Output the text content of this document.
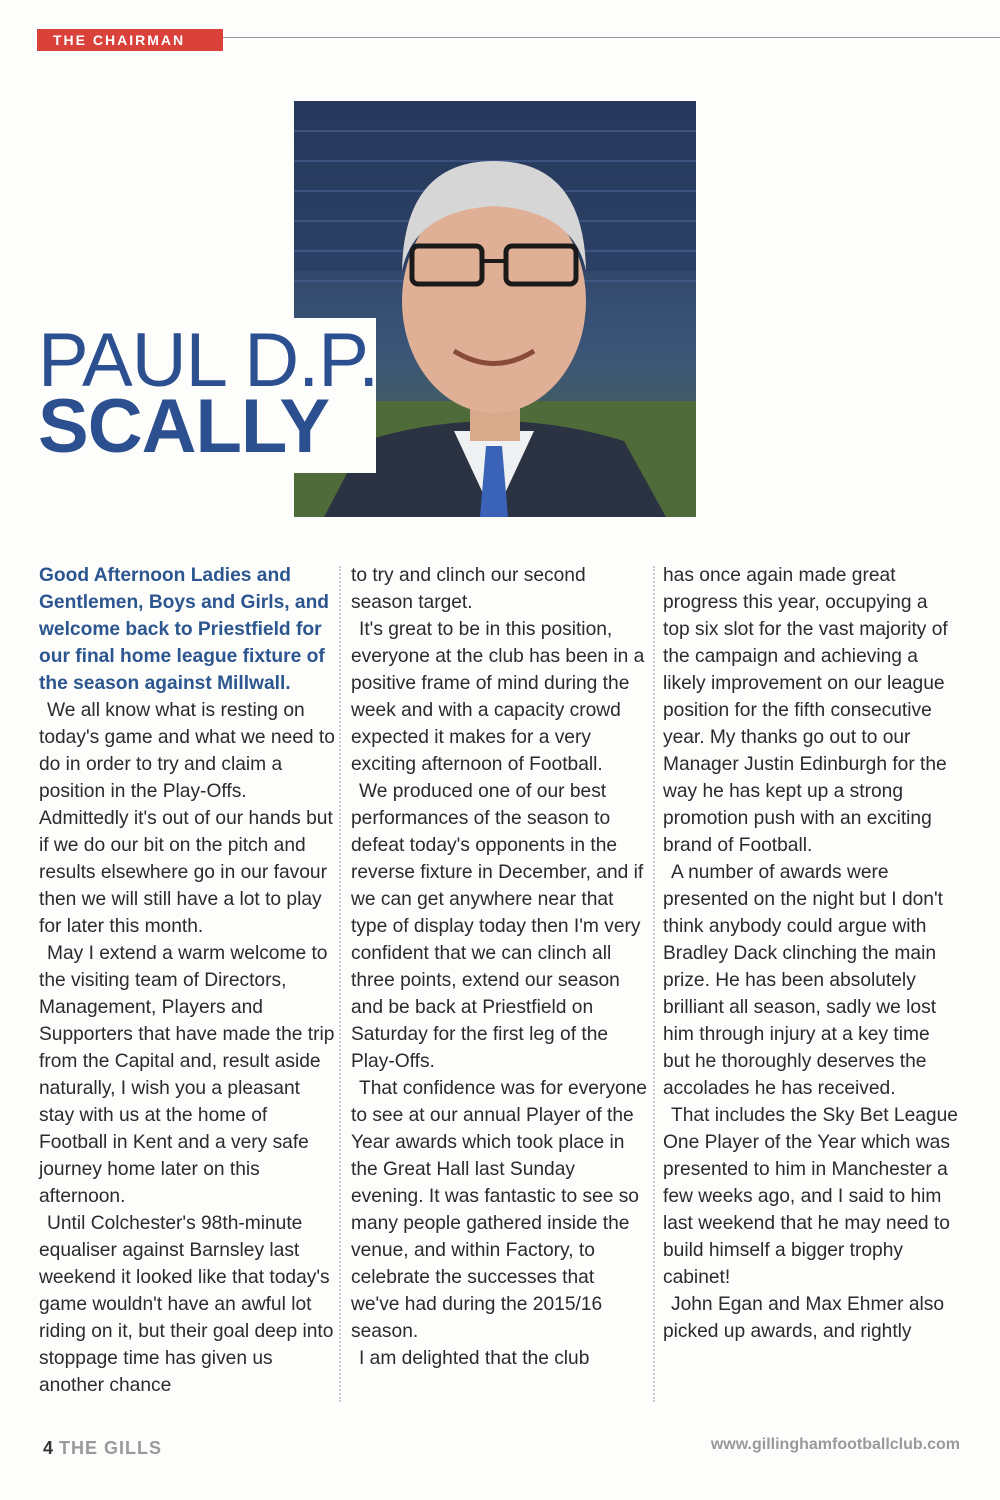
THE CHAIRMAN
PAUL D.P.
SCALLY

Good Afternoon Ladies and Gentlemen, Boys and Girls, and welcome back to Priestfield for our final home league fixture of the season against Millwall.

We all know what is resting on today's game and what we need to do in order to try and claim a position in the Play-Offs. Admittedly it's out of our hands but if we do our bit on the pitch and results elsewhere go in our favour then we will still have a lot to play for later this month.

May I extend a warm welcome to the visiting team of Directors, Management, Players and Supporters that have made the trip from the Capital and, result aside naturally, I wish you a pleasant stay with us at the home of Football in Kent and a very safe journey home later on this afternoon.

Until Colchester's 98th-minute equaliser against Barnsley last weekend it looked like that today's game wouldn't have an awful lot riding on it, but their goal deep into stoppage time has given us another chance

to try and clinch our second season target.

It's great to be in this position, everyone at the club has been in a positive frame of mind during the week and with a capacity crowd expected it makes for a very exciting afternoon of Football.

We produced one of our best performances of the season to defeat today's opponents in the reverse fixture in December, and if we can get anywhere near that type of display today then I'm very confident that we can clinch all three points, extend our season and be back at Priestfield on Saturday for the first leg of the Play-Offs.

That confidence was for everyone to see at our annual Player of the Year awards which took place in the Great Hall last Sunday evening. It was fantastic to see so many people gathered inside the venue, and within Factory, to celebrate the successes that we've had during the 2015/16 season.

I am delighted that the club

has once again made great progress this year, occupying a top six slot for the vast majority of the campaign and achieving a likely improvement on our league position for the fifth consecutive year. My thanks go out to our Manager Justin Edinburgh for the way he has kept up a strong promotion push with an exciting brand of Football.

A number of awards were presented on the night but I don't think anybody could argue with Bradley Dack clinching the main prize. He has been absolutely brilliant all season, sadly we lost him through injury at a key time but he thoroughly deserves the accolades he has received.

That includes the Sky Bet League One Player of the Year which was presented to him in Manchester a few weeks ago, and I said to him last weekend that he may need to build himself a bigger trophy cabinet!

John Egan and Max Ehmer also picked up awards, and rightly

4 THE GILLS	www.gillinghamfootballclub.com
